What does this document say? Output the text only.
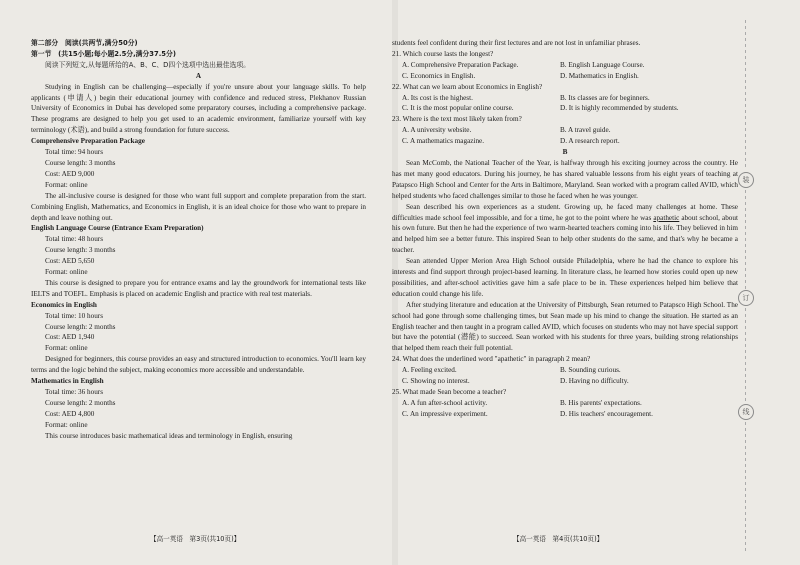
第二部分　阅读(共两节,满分50分)
第一节　(共15小题;每小题2.5分,满分37.5分)
阅读下列短文,从每题所给的A、B、C、D四个选项中选出最佳选项。
A
Studying in English can be challenging—especially if you're unsure about your language skills. To help applicants (申请人) begin their educational journey with confidence and reduced stress, Plekhanov Russian University of Economics in Dubai has developed some preparatory courses, including a comprehensive package. These programs are designed to help you get used to an academic environment, familiarize yourself with key terminology (术语), and build a strong foundation for future success.
Comprehensive Preparation Package
Total time: 94 hours
Course length: 3 months
Cost: AED 9,000
Format: online
The all-inclusive course is designed for those who want full support and complete preparation from the start. Combining English, Mathematics, and Economics in English, it is an ideal choice for those who want to prepare in depth and leave nothing out.
English Language Course (Entrance Exam Preparation)
Total time: 48 hours
Course length: 3 months
Cost: AED 5,650
Format: online
This course is designed to prepare you for entrance exams and lay the groundwork for international tests like IELTS and TOEFL. Emphasis is placed on academic English and practice with real test materials.
Economics in English
Total time: 10 hours
Course length: 2 months
Cost: AED 1,940
Format: online
Designed for beginners, this course provides an easy and structured introduction to economics. You'll learn key terms and the logic behind the subject, making economics more accessible and understandable.
Mathematics in English
Total time: 36 hours
Course length: 2 months
Cost: AED 4,800
Format: online
This course introduces basic mathematical ideas and terminology in English, ensuring
【高一英语　第3页(共10页)】
students feel confident during their first lectures and are not lost in unfamiliar phrases.
21. Which course lasts the longest?
A. Comprehensive Preparation Package.	B. English Language Course.
C. Economics in English.	D. Mathematics in English.
22. What can we learn about Economics in English?
A. Its cost is the highest.	B. Its classes are for beginners.
C. It is the most popular online course.	D. It is highly recommended by students.
23. Where is the text most likely taken from?
A. A university website.	B. A travel guide.
C. A mathematics magazine.	D. A research report.
B
Sean McComb, the National Teacher of the Year, is halfway through his exciting journey across the country. He has met many good educators. During his journey, he has shared valuable lessons from his eight years of teaching at Patapsco High School and Center for the Arts in Baltimore, Maryland. Sean worked with a program called AVID, which helped students who faced challenges similar to those he faced when he was younger.
Sean described his own experiences as a student. Growing up, he faced many challenges at home. These difficulties made school feel impossible, and for a time, he got to the point where he was apathetic about school, about his own future. But then he had the experience of two warm-hearted teachers coming into his life. They believed in him and helped him see a better future. This inspired Sean to help other students do the same, and that's why he became a teacher.
Sean attended Upper Merion Area High School outside Philadelphia, where he had the chance to explore his interests and find support through project-based learning. In literature class, he learned how stories could open up new possibilities, and after-school activities gave him a safe place to be in. These experiences helped him believe that education could change his life.
After studying literature and education at the University of Pittsburgh, Sean returned to Patapsco High School. The school had gone through some challenging times, but Sean made up his mind to change the situation. He started as an English teacher and then taught in a program called AVID, which focuses on students who may not have special support but have the potential (潜能) to succeed. Sean worked with his students for three years, building strong relationships that helped them reach their full potential.
24. What does the underlined word "apathetic" in paragraph 2 mean?
A. Feeling excited.	B. Sounding curious.
C. Showing no interest.	D. Having no difficulty.
25. What made Sean become a teacher?
A. A fun after-school activity.	B. His parents' expectations.
C. An impressive experiment.	D. His teachers' encouragement.
【高一英语　第4页(共10页)】
装
订
线
